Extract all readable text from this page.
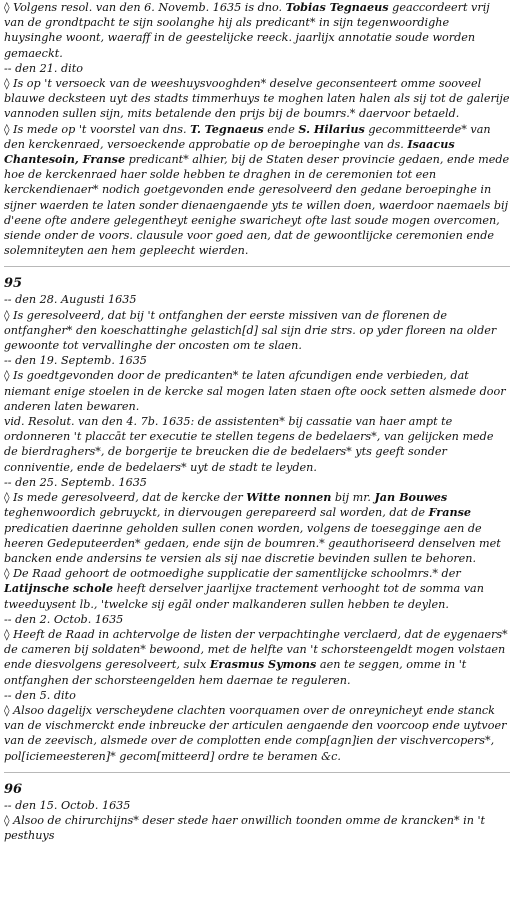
◊ Volgens resol. van den 6. Novemb. 1635 is dno. Tobias Tegnaeus geaccordeert vrij van de grondtpacht te sijn soolanghe hij als predicant* in sijn tegenwoordighe huysinghe woont, waeraff in de geestelijcke reeck. jaarlijx annotatie soude worden gemaeckt.

-- den 21. dito

◊ Is op 't versoeck van de weeshuysvooghden* deselve geconsenteert omme sooveel blauwe decksteen uyt des stadts timmerhuys te moghen laten halen als sij tot de galerije vannoden sullen sijn, mits betalende den prijs bij de boumrs.* daervoor betaeld.

◊ Is mede op 't voorstel van dns. T. Tegnaeus ende S. Hilarius gecommitteerde* van den kerckenraed, versoeckende approbatie op de beroepinghe van ds. Isaacus Chantesoin, Franse predicant* alhier, bij de Staten deser provincie gedaen, ende mede hoe de kerckenraed haer solde hebben te draghen in de ceremonien tot een kerckendienaer* nodich goetgevonden ende geresolveerd den gedane beroepinghe in sijner waerden te laten sonder dienaengaende yts te willen doen, waerdoor naemaels bij d'eene ofte andere gelegentheyt eenighe swaricheyt ofte last soude mogen overcomen, siende onder de voors. clausule voor goed aen, dat de gewoontlijcke ceremonien ende solemniteyten aen hem gepleecht wierden.

95

-- den 28. Augusti 1635

◊ Is geresolveerd, dat bij 't ontfanghen der eerste missiven van de florenen de ontfangher* den koeschattinghe gelastich[d] sal sijn drie strs. op yder floreen na older gewoonte tot vervallinghe der oncosten om te slaen.

-- den 19. Septemb. 1635

◊ Is goedtgevonden door de predicanten* te laten afcundigen ende verbieden, dat niemant enige stoelen in de kercke sal mogen laten staen ofte oock setten alsmede door anderen laten bewaren.

vid. Resolut. van den 4. 7b. 1635: de assistenten* bij cassatie van haer ampt te ordonneren 't placcāt ter executie te stellen tegens de bedelaers*, van gelijcken mede de bierdraghers*, de borgerije te breucken die de bedelaers* yts geeft sonder conniventie, ende de bedelaers* uyt de stadt te leyden.

-- den 25. Septemb. 1635

◊ Is mede geresolveerd, dat de kercke der Witte nonnen bij mr. Jan Bouwes teghenwoordich gebruyckt, in diervougen gerepareerd sal worden, dat de Franse predicatien daerinne geholden sullen conen worden, volgens de toeseggingе aen de heeren Gedeputeerden* gedaen, ende sijn de boumren.* geauthoriseerd denselven met bancken ende andersins te versien als sij nae discretie bevinden sullen te behoren.

◊ De Raad gehoort de ootmoedighe supplicatie der samentlijcke schoolmrs.* der Latijnsche schole heeft derselver jaarlijxe tractement verhooght tot de somma van tweeduysent lb., 'twelcke sij egāl onder malkanderen sullen hebben te deylen.

-- den 2. Octob. 1635

◊ Heeft de Raad in achtervolge de listen der verpachtinghe verclaerd, dat de eygenaers* de cameren bij soldaten* bewoond, met de helfte van 't schorsteengeldt mogen volstaen ende diesvolgens geresolveert, sulx Erasmus Symons aen te seggen, omme in 't ontfanghen der schorsteengelden hem daernae te reguleren.

-- den 5. dito

◊ Alsoo dagelijx verscheydene clachten voorquamen over de onreynicheyt ende stanck van de vischmerckt ende inbreucke der articulen aengaende den voorcoop ende uytvoer van de zeevisch, alsmede over de complotten ende comp[agn]ien der vischvercopers*, pol[iciemeesteren]* gecom[mitteerd] ordre te beramen &c.

96

-- den 15. Octob. 1635

◊ Alsoo de chirurchijns* deser stede haer onwillich toonden omme de krancken* in 't pesthuys
